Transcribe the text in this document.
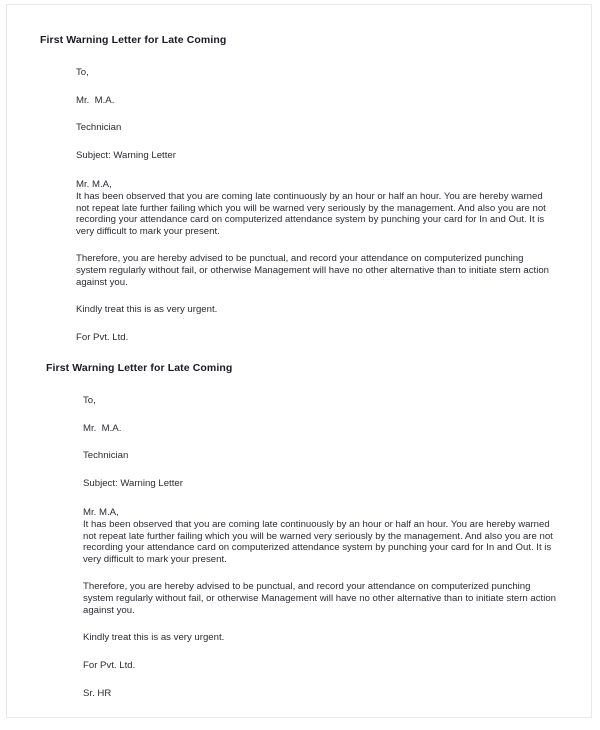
First Warning Letter for Late Coming
To,
Mr.  M.A.
Technician
Subject: Warning Letter
Mr. M.A,
It has been observed that you are coming late continuously by an hour or half an hour. You are hereby warned not repeat late further failing which you will be warned very seriously by the management. And also you are not recording your attendance card on computerized attendance system by punching your card for In and Out. It is very difficult to mark your present.
Therefore, you are hereby advised to be punctual, and record your attendance on computerized punching system regularly without fail, or otherwise Management will have no other alternative than to initiate stern action against you.
Kindly treat this is as very urgent.
For Pvt. Ltd.
First Warning Letter for Late Coming
To,
Mr.  M.A.
Technician
Subject: Warning Letter
Mr. M.A,
It has been observed that you are coming late continuously by an hour or half an hour. You are hereby warned not repeat late further failing which you will be warned very seriously by the management. And also you are not recording your attendance card on computerized attendance system by punching your card for In and Out. It is very difficult to mark your present.
Therefore, you are hereby advised to be punctual, and record your attendance on computerized punching system regularly without fail, or otherwise Management will have no other alternative than to initiate stern action against you.
Kindly treat this is as very urgent.
For Pvt. Ltd.
Sr. HR
